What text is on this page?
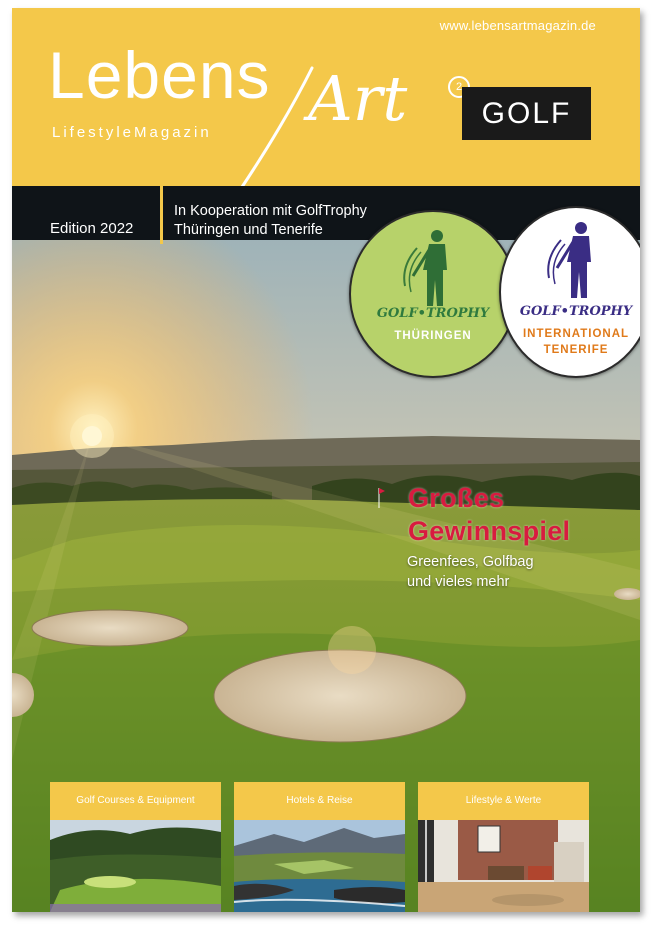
www.lebensartmagazin.de
Lebens Art	2
LifestyleMagazin
GOLF
Edition 2022
In Kooperation mit GolfTrophy
Thüringen und Tenerife
GOLF•TROPHY
THÜRINGEN
GOLF•TROPHY
INTERNATIONAL
TENERIFE
Großes
Gewinnspiel
Greenfees, Golfbag
und vieles mehr
Golf Courses & Equipment	Hotels & Reise	Lifestyle & Werte
